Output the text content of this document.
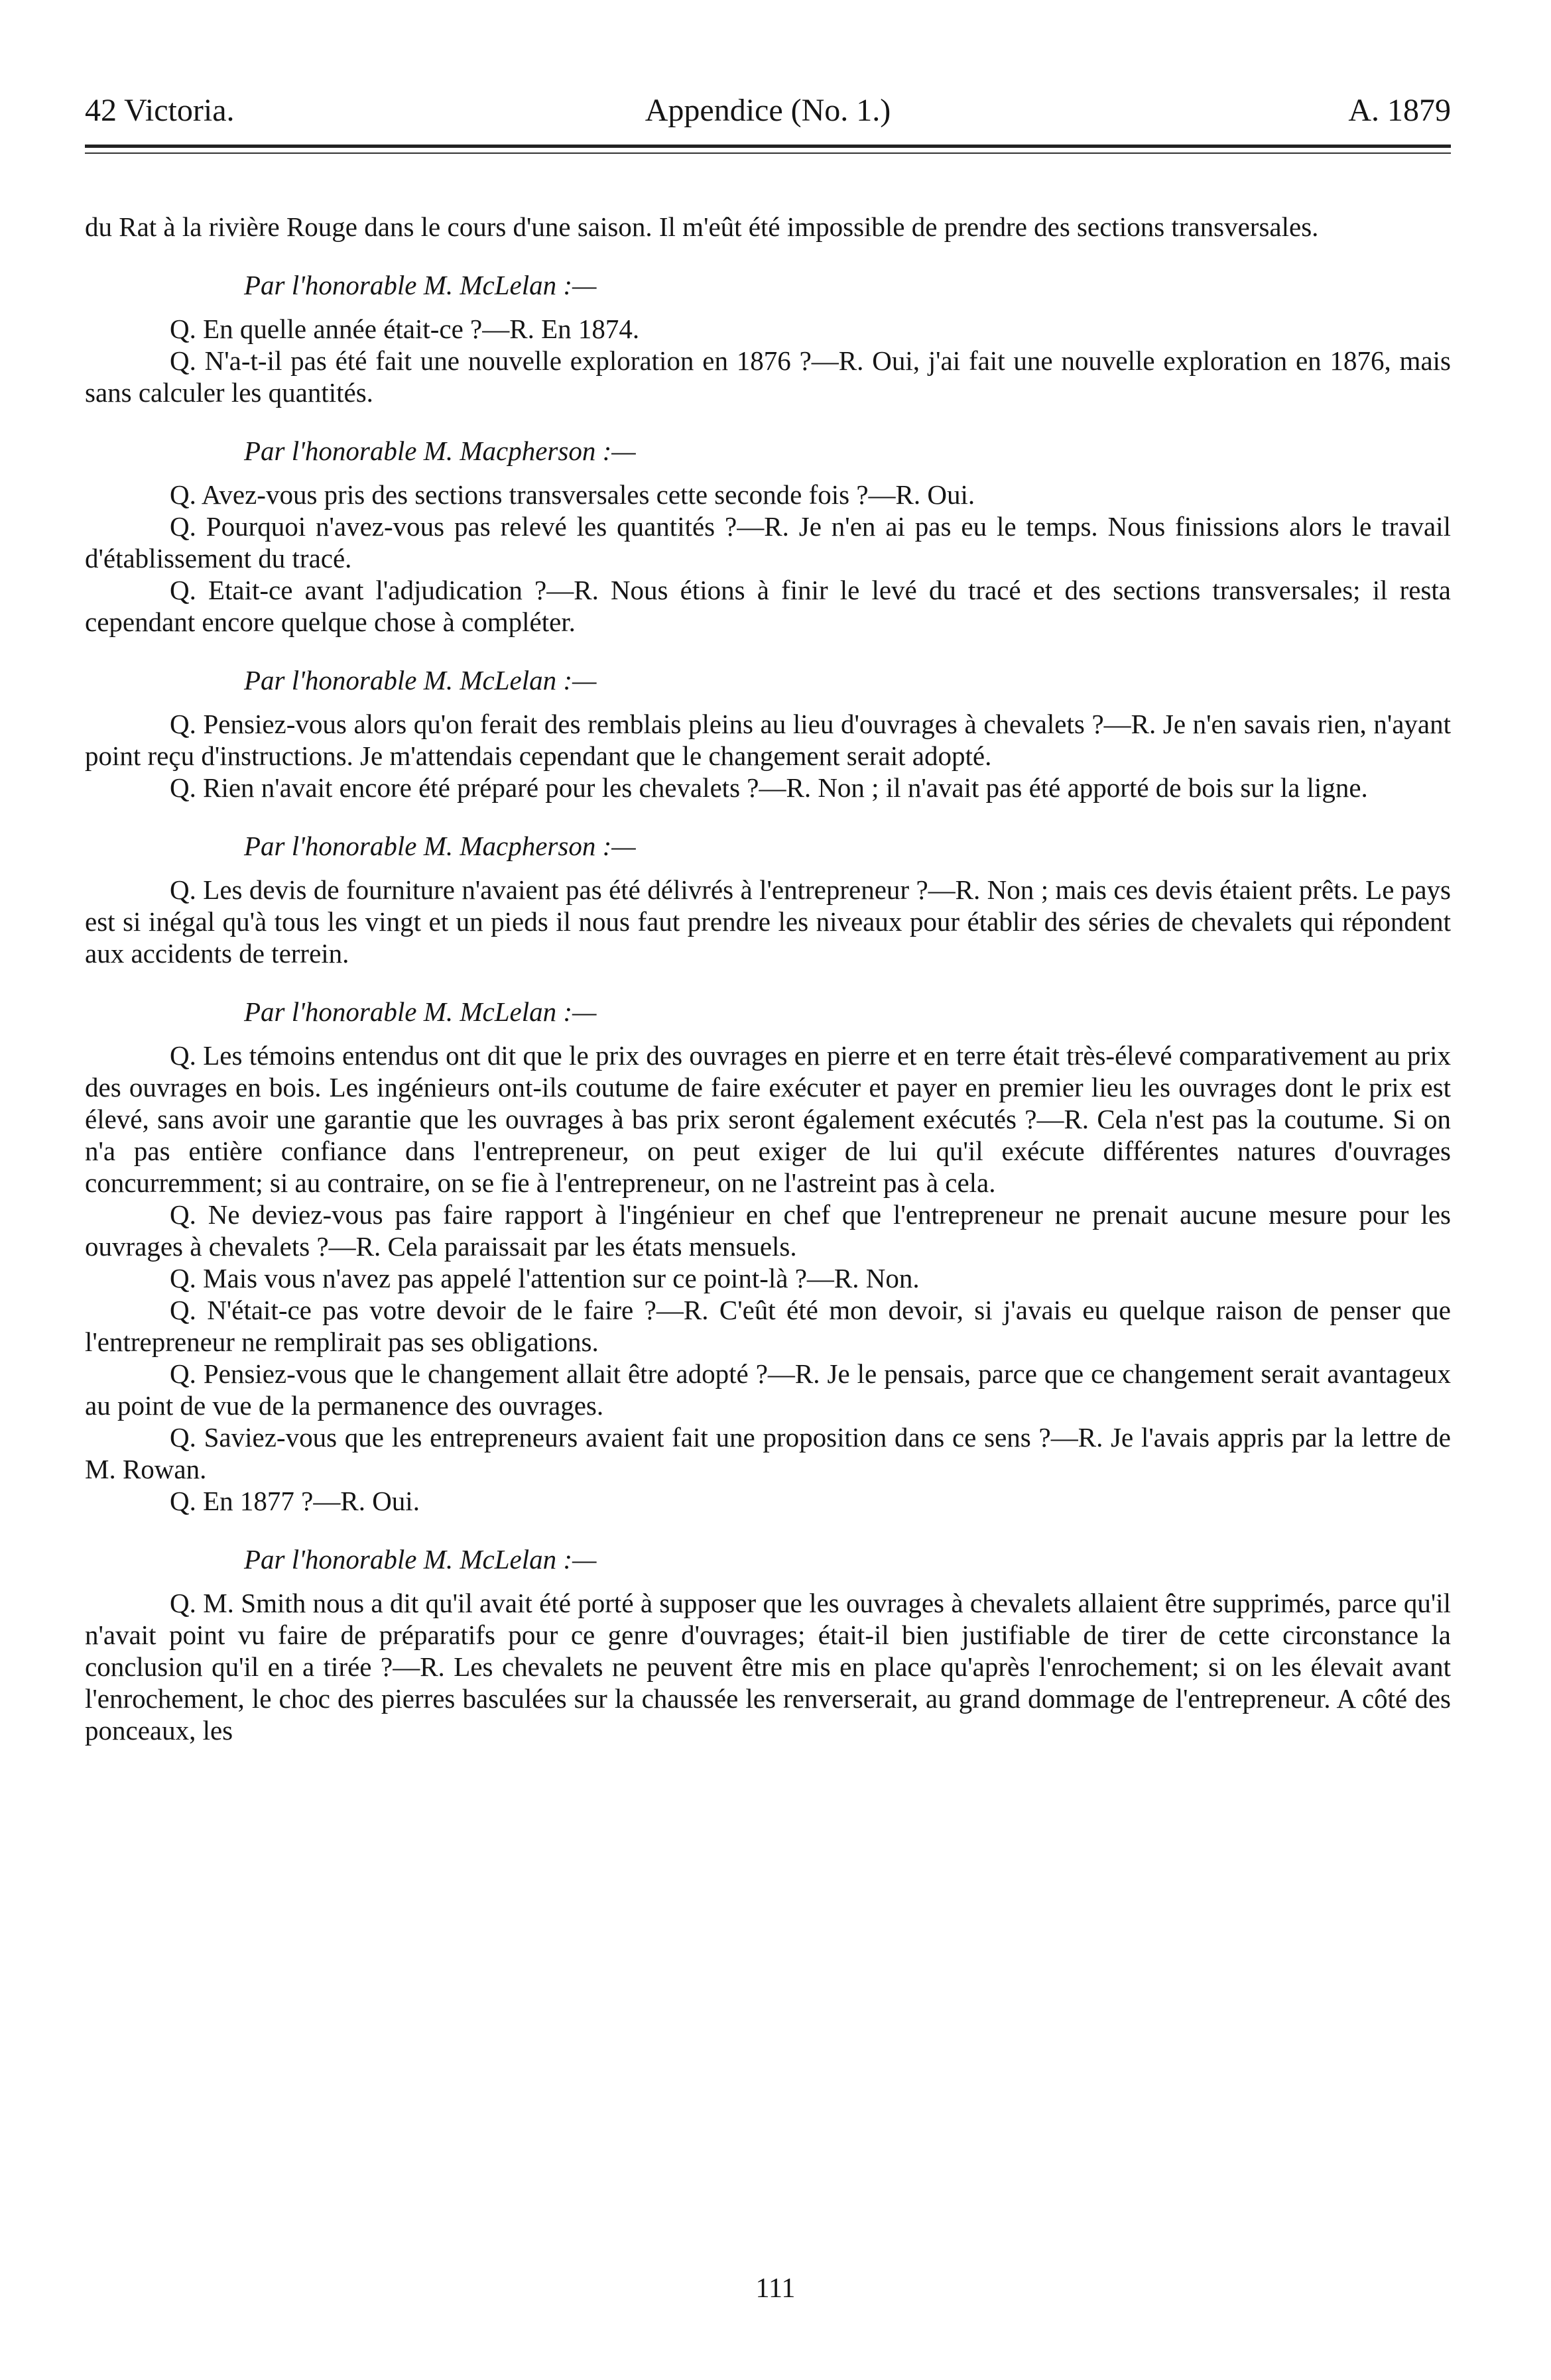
42 Victoria.	Appendice (No. 1.)	A. 1879

du Rat à la rivière Rouge dans le cours d'une saison. Il m'eût été impossible de prendre des sections transversales.

Par l'honorable M. McLelan :—

Q. En quelle année était-ce ?—R. En 1874.

Q. N'a-t-il pas été fait une nouvelle exploration en 1876 ?—R. Oui, j'ai fait une nouvelle exploration en 1876, mais sans calculer les quantités.

Par l'honorable M. Macpherson :—

Q. Avez-vous pris des sections transversales cette seconde fois ?—R. Oui.

Q. Pourquoi n'avez-vous pas relevé les quantités ?—R. Je n'en ai pas eu le temps. Nous finissions alors le travail d'établissement du tracé.

Q. Etait-ce avant l'adjudication ?—R. Nous étions à finir le levé du tracé et des sections transversales; il resta cependant encore quelque chose à compléter.

Par l'honorable M. McLelan :—

Q. Pensiez-vous alors qu'on ferait des remblais pleins au lieu d'ouvrages à chevalets ?—R. Je n'en savais rien, n'ayant point reçu d'instructions. Je m'attendais cependant que le changement serait adopté.

Q. Rien n'avait encore été préparé pour les chevalets ?—R. Non ; il n'avait pas été apporté de bois sur la ligne.

Par l'honorable M. Macpherson :—

Q. Les devis de fourniture n'avaient pas été délivrés à l'entrepreneur ?—R. Non ; mais ces devis étaient prêts. Le pays est si inégal qu'à tous les vingt et un pieds il nous faut prendre les niveaux pour établir des séries de chevalets qui répondent aux accidents de terrein.

Par l'honorable M. McLelan :—

Q. Les témoins entendus ont dit que le prix des ouvrages en pierre et en terre était très-élevé comparativement au prix des ouvrages en bois. Les ingénieurs ont-ils coutume de faire exécuter et payer en premier lieu les ouvrages dont le prix est élevé, sans avoir une garantie que les ouvrages à bas prix seront également exécutés ?—R. Cela n'est pas la coutume. Si on n'a pas entière confiance dans l'entrepreneur, on peut exiger de lui qu'il exécute différentes natures d'ouvrages concurremment; si au contraire, on se fie à l'entrepreneur, on ne l'astreint pas à cela.

Q. Ne deviez-vous pas faire rapport à l'ingénieur en chef que l'entrepreneur ne prenait aucune mesure pour les ouvrages à chevalets ?—R. Cela paraissait par les états mensuels.

Q. Mais vous n'avez pas appelé l'attention sur ce point-là ?—R. Non.

Q. N'était-ce pas votre devoir de le faire ?—R. C'eût été mon devoir, si j'avais eu quelque raison de penser que l'entrepreneur ne remplirait pas ses obligations.

Q. Pensiez-vous que le changement allait être adopté ?—R. Je le pensais, parce que ce changement serait avantageux au point de vue de la permanence des ouvrages.

Q. Saviez-vous que les entrepreneurs avaient fait une proposition dans ce sens ?—R. Je l'avais appris par la lettre de M. Rowan.

Q. En 1877 ?—R. Oui.

Par l'honorable M. McLelan :—

Q. M. Smith nous a dit qu'il avait été porté à supposer que les ouvrages à chevalets allaient être supprimés, parce qu'il n'avait point vu faire de préparatifs pour ce genre d'ouvrages; était-il bien justifiable de tirer de cette circonstance la conclusion qu'il en a tirée ?—R. Les chevalets ne peuvent être mis en place qu'après l'enrochement; si on les élevait avant l'enrochement, le choc des pierres basculées sur la chaussée les renverserait, au grand dommage de l'entrepreneur. A côté des ponceaux, les

111
